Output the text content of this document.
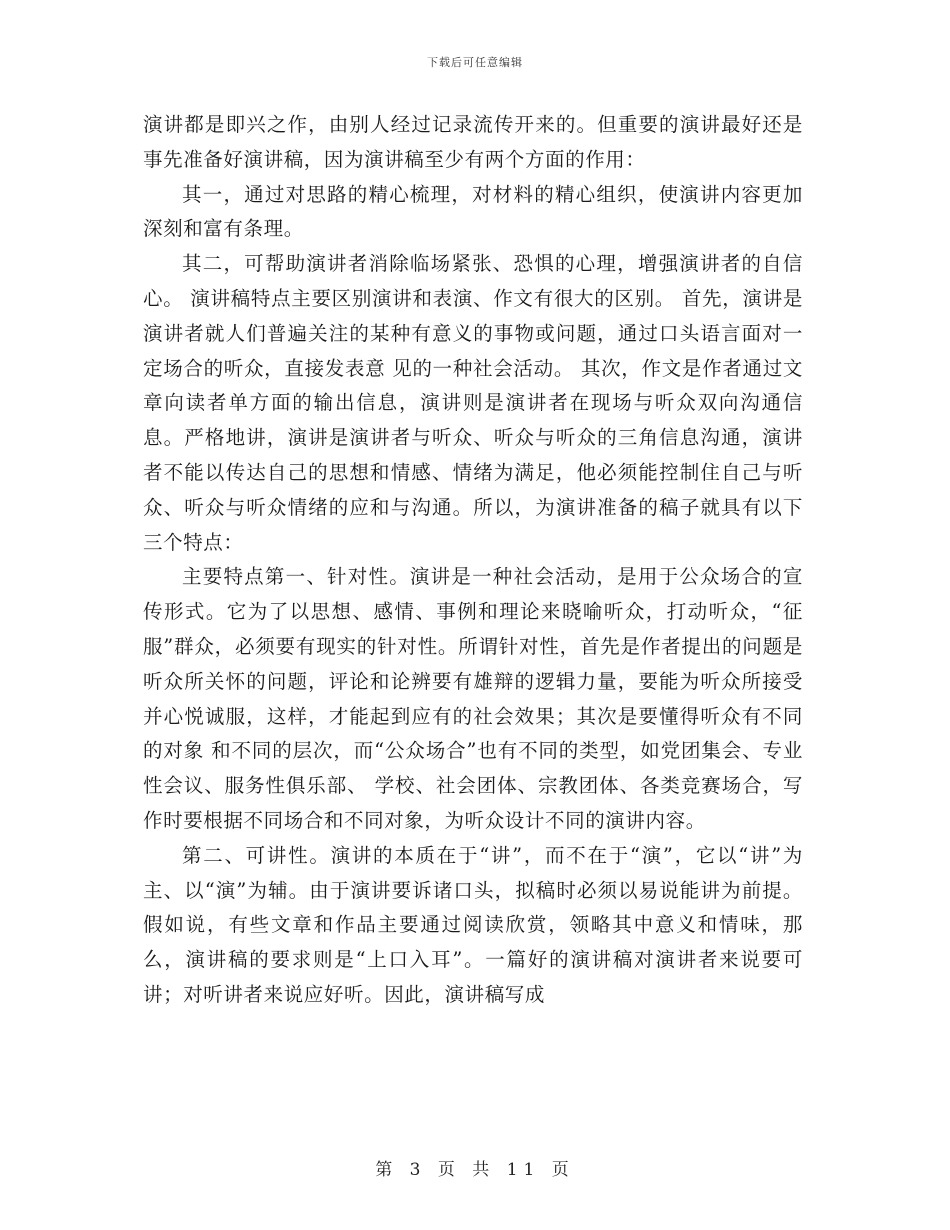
下载后可任意编辑

演讲都是即兴之作，由别人经过记录流传开来的。但重要的演讲最好还是事先准备好演讲稿，因为演讲稿至少有两个方面的作用：

其一，通过对思路的精心梳理，对材料的精心组织，使演讲内容更加深刻和富有条理。

其二，可帮助演讲者消除临场紧张、恐惧的心理，增强演讲者的自信心。 演讲稿特点主要区别演讲和表演、作文有很大的区别。 首先，演讲是演讲者就人们普遍关注的某种有意义的事物或问题，通过口头语言面对一定场合的听众，直接发表意 见的一种社会活动。 其次，作文是作者通过文章向读者单方面的输出信息，演讲则是演讲者在现场与听众双向沟通信息。严格地讲，演讲是演讲者与听众、听众与听众的三角信息沟通，演讲者不能以传达自己的思想和情感、情绪为满足，他必须能控制住自己与听众、听众与听众情绪的应和与沟通。所以，为演讲准备的稿子就具有以下三个特点：

主要特点第一、针对性。演讲是一种社会活动，是用于公众场合的宣传形式。它为了以思想、感情、事例和理论来晓喻听众，打动听众，“征服”群众，必须要有现实的针对性。所谓针对性，首先是作者提出的问题是听众所关怀的问题，评论和论辨要有雄辩的逻辑力量，要能为听众所接受并心悦诚服，这样，才能起到应有的社会效果；其次是要懂得听众有不同的对象 和不同的层次，而“公众场合”也有不同的类型，如党团集会、专业性会议、服务性俱乐部、 学校、社会团体、宗教团体、各类竞赛场合，写作时要根据不同场合和不同对象，为听众设计不同的演讲内容。

第二、可讲性。演讲的本质在于“讲”，而不在于“演”，它以“讲”为主、以“演”为辅。由于演讲要诉诸口头，拟稿时必须以易说能讲为前提。假如说，有些文章和作品主要通过阅读欣赏，领略其中意义和情味，那么，演讲稿的要求则是“上口入耳”。一篇好的演讲稿对演讲者来说要可讲；对听讲者来说应好听。因此，演讲稿写成

第 3 页 共 11 页
